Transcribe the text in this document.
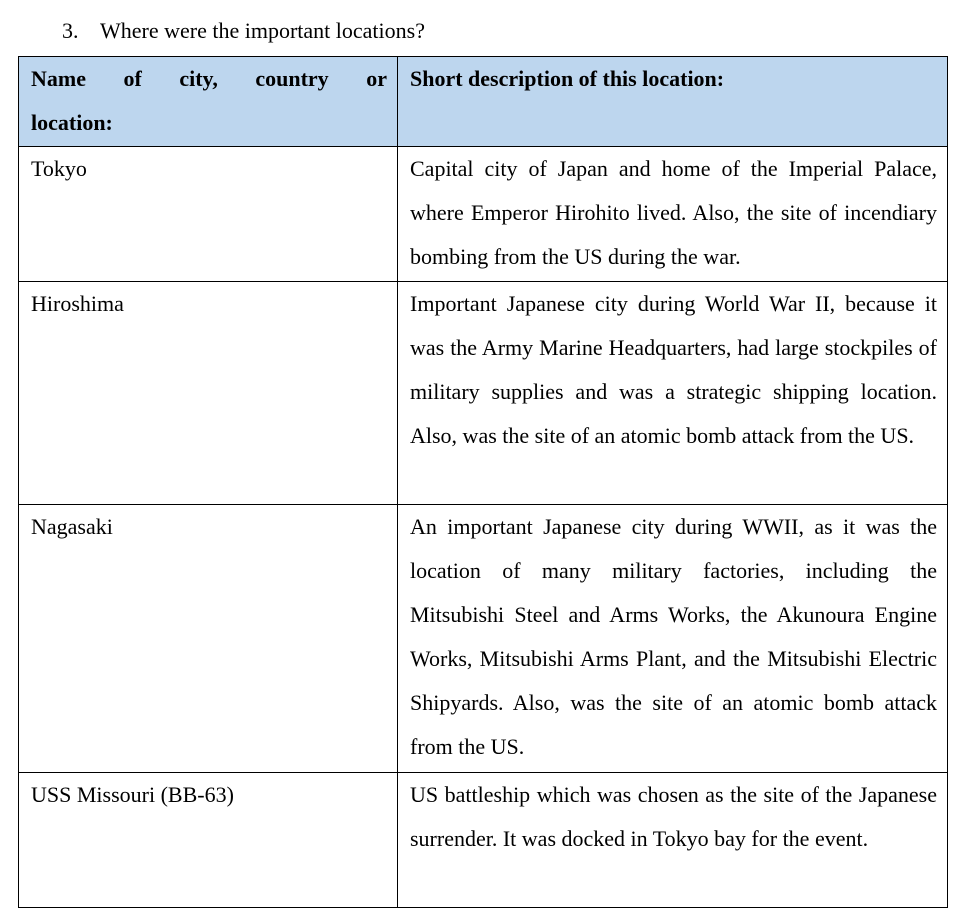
3. Where were the important locations?
Name of city, country or
location:	Short description of this location:
Tokyo	Capital city of Japan and home of the Imperial Palace, where Emperor Hirohito lived. Also, the site of incendiary bombing from the US during the war.
Hiroshima	Important Japanese city during World War II, because it was the Army Marine Headquarters, had large stockpiles of military supplies and was a strategic shipping location. Also, was the site of an atomic bomb attack from the US.
Nagasaki	An important Japanese city during WWII, as it was the location of many military factories, including the Mitsubishi Steel and Arms Works, the Akunoura Engine Works, Mitsubishi Arms Plant, and the Mitsubishi Electric Shipyards. Also, was the site of an atomic bomb attack from the US.
USS Missouri (BB-63)	US battleship which was chosen as the site of the Japanese surrender. It was docked in Tokyo bay for the event.
